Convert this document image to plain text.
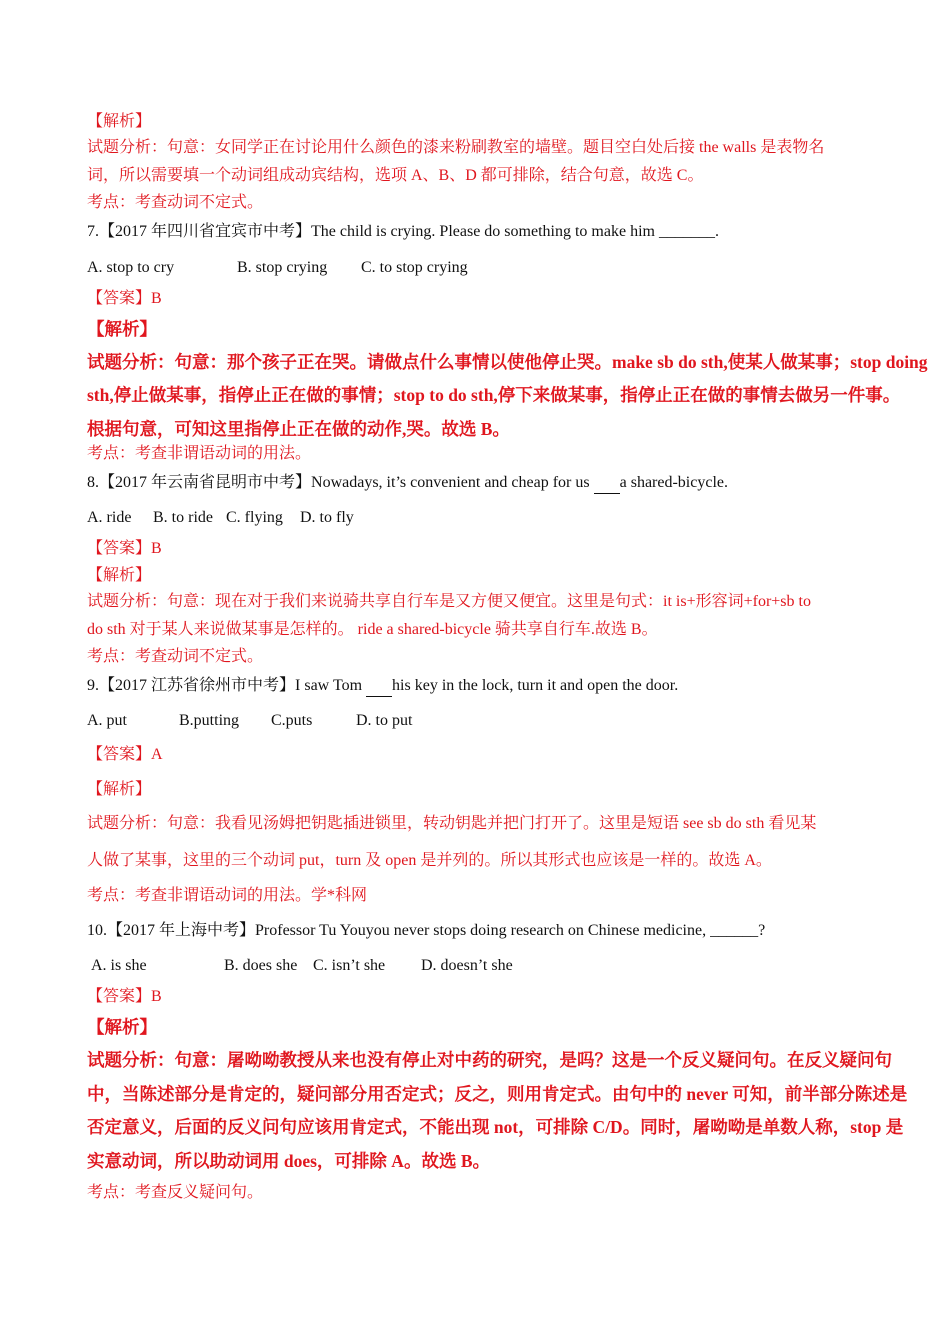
【解析】
试题分析：句意：女同学正在讨论用什么颜色的漆来粉刷教室的墙壁。题目空白处后接 the walls 是表物名
词，所以需要填一个动词组成动宾结构，选项 A、B、D 都可排除，结合句意，故选 C。
考点：考查动词不定式。
7.【2017 年四川省宜宾市中考】The child is crying. Please do something to make him _______.
A. stop to cry	B. stop crying C. to stop crying
【答案】B
【解析】
试题分析：句意：那个孩子正在哭。请做点什么事情以使他停止哭。make sb do sth,使某人做某事；stop doing
sth,停止做某事，指停止正在做的事情；stop to do sth,停下来做某事，指停止正在做的事情去做另一件事。
根据句意，可知这里指停止正在做的动作,哭。故选 B。
考点：考查非谓语动词的用法。
8.【2017 年云南省昆明市中考】Nowadays, it’s convenient and cheap for us  a shared-bicycle.
A. ride B. to ride C. flying D. to fly
【答案】B
【解析】
试题分析：句意：现在对于我们来说骑共享自行车是又方便又便宜。这里是句式：it is+形容词+for+sb to
do sth 对于某人来说做某事是怎样的。 ride a shared-bicycle 骑共享自行车.故选 B。
考点：考查动词不定式。
9.【2017 江苏省徐州市中考】I saw Tom  his key in the lock, turn it and open the door.
A. put	B.putting C.puts	D. to put
【答案】A
【解析】
试题分析：句意：我看见汤姆把钥匙插进锁里，转动钥匙并把门打开了。这里是短语 see sb do sth 看见某
人做了某事，这里的三个动词 put，turn 及 open 是并列的。所以其形式也应该是一样的。故选 A。
考点：考查非谓语动词的用法。学*科网
10.【2017 年上海中考】Professor Tu Youyou never stops doing research on Chinese medicine, ______?
A. is she	B. does she C. isn’t she D. doesn’t she
【答案】B
【解析】
试题分析：句意：屠呦呦教授从来也没有停止对中药的研究，是吗？这是一个反义疑问句。在反义疑问句
中，当陈述部分是肯定的，疑问部分用否定式；反之，则用肯定式。由句中的 never 可知，前半部分陈述是
否定意义，后面的反义问句应该用肯定式，不能出现 not，可排除 C/D。同时，屠呦呦是单数人称，stop 是
实意动词，所以助动词用 does，可排除 A。故选 B。
考点：考查反义疑问句。
